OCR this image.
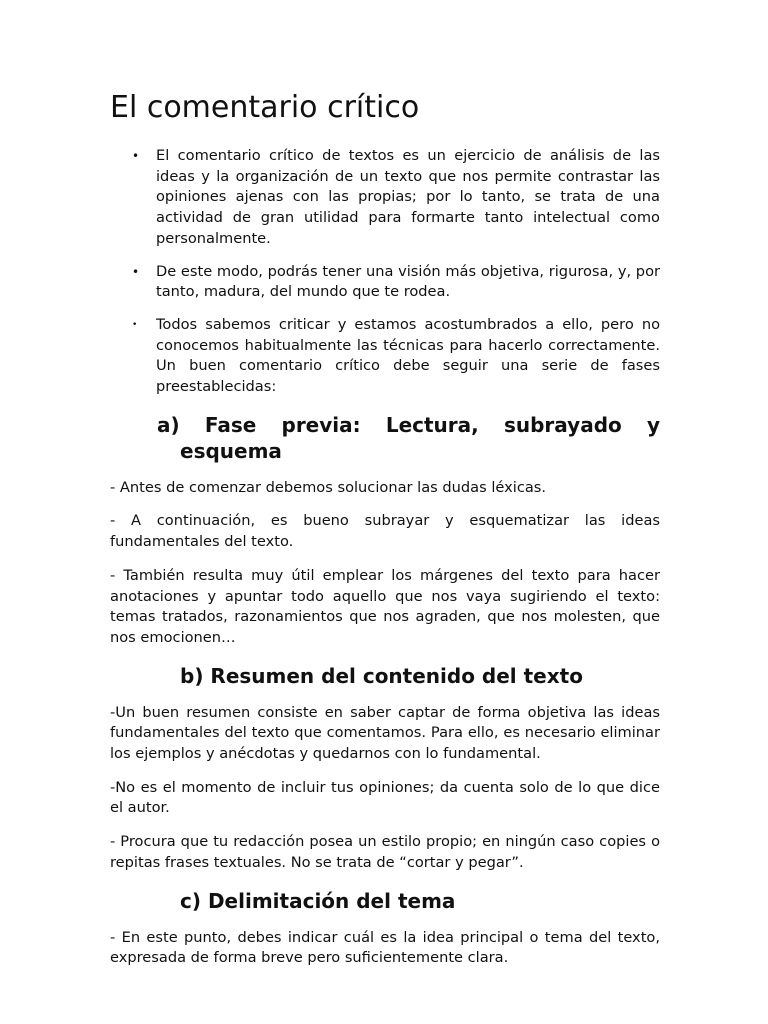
El comentario crítico
• El comentario crítico de textos es un ejercicio de análisis de las ideas y la organización de un texto que nos permite contrastar las opiniones ajenas con las propias; por lo tanto, se trata de una actividad de gran utilidad para formarte tanto intelectual como personalmente.
• De este modo, podrás tener una visión más objetiva, rigurosa, y, por tanto, madura, del mundo que te rodea.
• Todos sabemos criticar y estamos acostumbrados a ello, pero no conocemos habitualmente las técnicas para hacerlo correctamente. Un buen comentario crítico debe seguir una serie de fases preestablecidas:
a) Fase previa: Lectura, subrayado y
esquema

- Antes de comenzar debemos solucionar las dudas léxicas.

- A continuación, es bueno subrayar y esquematizar las ideas fundamentales del texto.

- También resulta muy útil emplear los márgenes del texto para hacer anotaciones y apuntar todo aquello que nos vaya sugiriendo el texto: temas tratados, razonamientos que nos agraden, que nos molesten, que nos emocionen…

b) Resumen del contenido del texto

-Un buen resumen consiste en saber captar de forma objetiva las ideas fundamentales del texto que comentamos. Para ello, es necesario eliminar los ejemplos y anécdotas y quedarnos con lo fundamental.

-No es el momento de incluir tus opiniones; da cuenta solo de lo que dice el autor.

- Procura que tu redacción posea un estilo propio; en ningún caso copies o repitas frases textuales. No se trata de “cortar y pegar”.

c) Delimitación del tema

- En este punto, debes indicar cuál es la idea principal o tema del texto, expresada de forma breve pero suficientemente clara.
